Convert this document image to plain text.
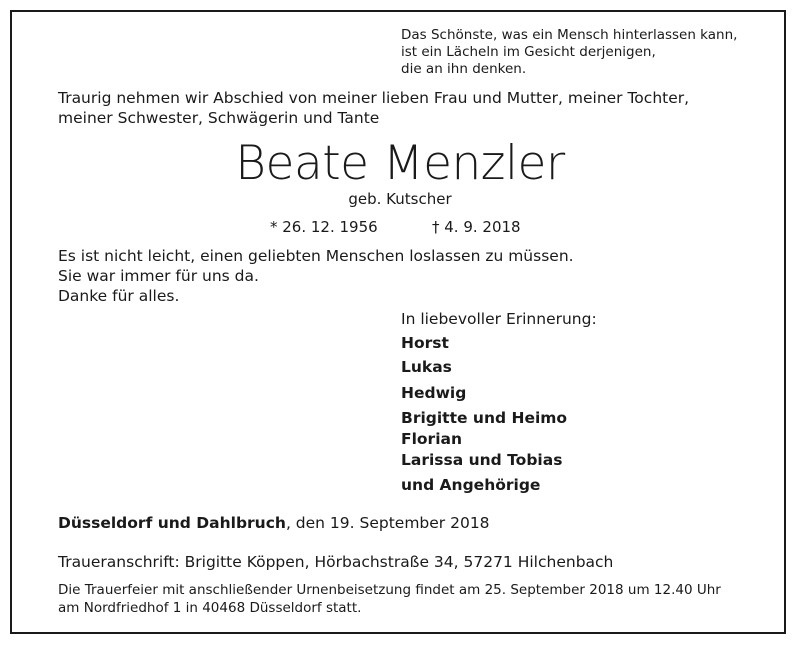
Das Schönste, was ein Mensch hinterlassen kann,
ist ein Lächeln im Gesicht derjenigen,
die an ihn denken.
Traurig nehmen wir Abschied von meiner lieben Frau und Mutter, meiner Tochter,
meiner Schwester, Schwägerin und Tante
Beate Menzler
geb. Kutscher
* 26. 12. 1956	† 4. 9. 2018
Es ist nicht leicht, einen geliebten Menschen loslassen zu müssen.
Sie war immer für uns da.
Danke für alles.
In liebevoller Erinnerung:
Horst
Lukas
Hedwig
Brigitte und Heimo
Florian
Larissa und Tobias
und Angehörige
Düsseldorf und Dahlbruch, den 19. September 2018
Traueranschrift: Brigitte Köppen, Hörbachstraße 34, 57271 Hilchenbach
Die Trauerfeier mit anschließender Urnenbeisetzung findet am 25. September 2018 um 12.40 Uhr
am Nordfriedhof 1 in 40468 Düsseldorf statt.
